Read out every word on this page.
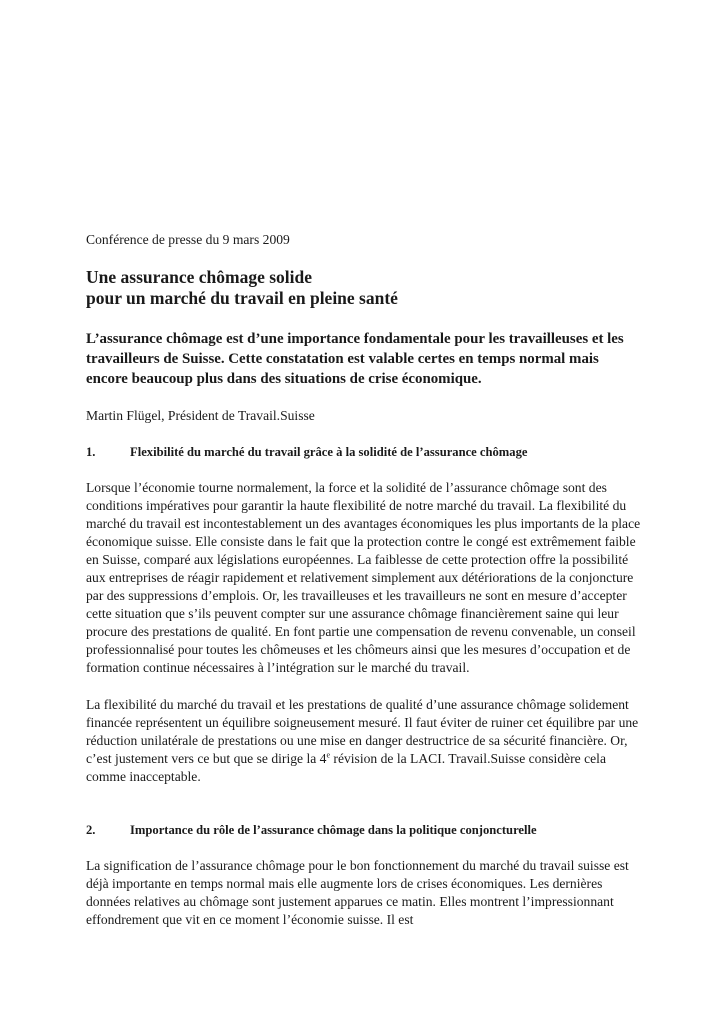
Conférence de presse du 9 mars 2009

Une assurance chômage solide
pour un marché du travail en pleine santé

L’assurance chômage est d’une importance fondamentale pour les travailleuses et les travailleurs de Suisse. Cette constatation est valable certes en temps normal mais encore beaucoup plus dans des situations de crise économique.

Martin Flügel, Président de Travail.Suisse

1.	Flexibilité du marché du travail grâce à la solidité de l’assurance chômage

Lorsque l’économie tourne normalement, la force et la solidité de l’assurance chômage sont des conditions impératives pour garantir la haute flexibilité de notre marché du travail. La flexibilité du marché du travail est incontestablement un des avantages économiques les plus importants de la place économique suisse. Elle consiste dans le fait que la protection contre le congé est extrêmement faible en Suisse, comparé aux législations européennes. La faiblesse de cette protection offre la possibilité aux entreprises de réagir rapidement et relativement simplement aux détériorations de la conjoncture par des suppressions d’emplois. Or, les travailleuses et les travailleurs ne sont en mesure d’accepter cette situation que s’ils peuvent compter sur une assurance chômage financièrement saine qui leur procure des prestations de qualité. En font partie une compensation de revenu convenable, un conseil professionnalisé pour toutes les chômeuses et les chômeurs ainsi que les mesures d’occupation et de formation continue nécessaires à l’intégration sur le marché du travail.

La flexibilité du marché du travail et les prestations de qualité d’une assurance chômage solidement financée représentent un équilibre soigneusement mesuré. Il faut éviter de ruiner cet équilibre par une réduction unilatérale de prestations ou une mise en danger destructrice de sa sécurité financière. Or, c’est justement vers ce but que se dirige la 4e révision de la LACI. Travail.Suisse considère cela comme inacceptable.

2.	Importance du rôle de l’assurance chômage dans la politique conjoncturelle

La signification de l’assurance chômage pour le bon fonctionnement du marché du travail suisse est déjà importante en temps normal mais elle augmente lors de crises économiques. Les dernières données relatives au chômage sont justement apparues ce matin. Elles montrent l’impressionnant effondrement que vit en ce moment l’économie suisse. Il est
